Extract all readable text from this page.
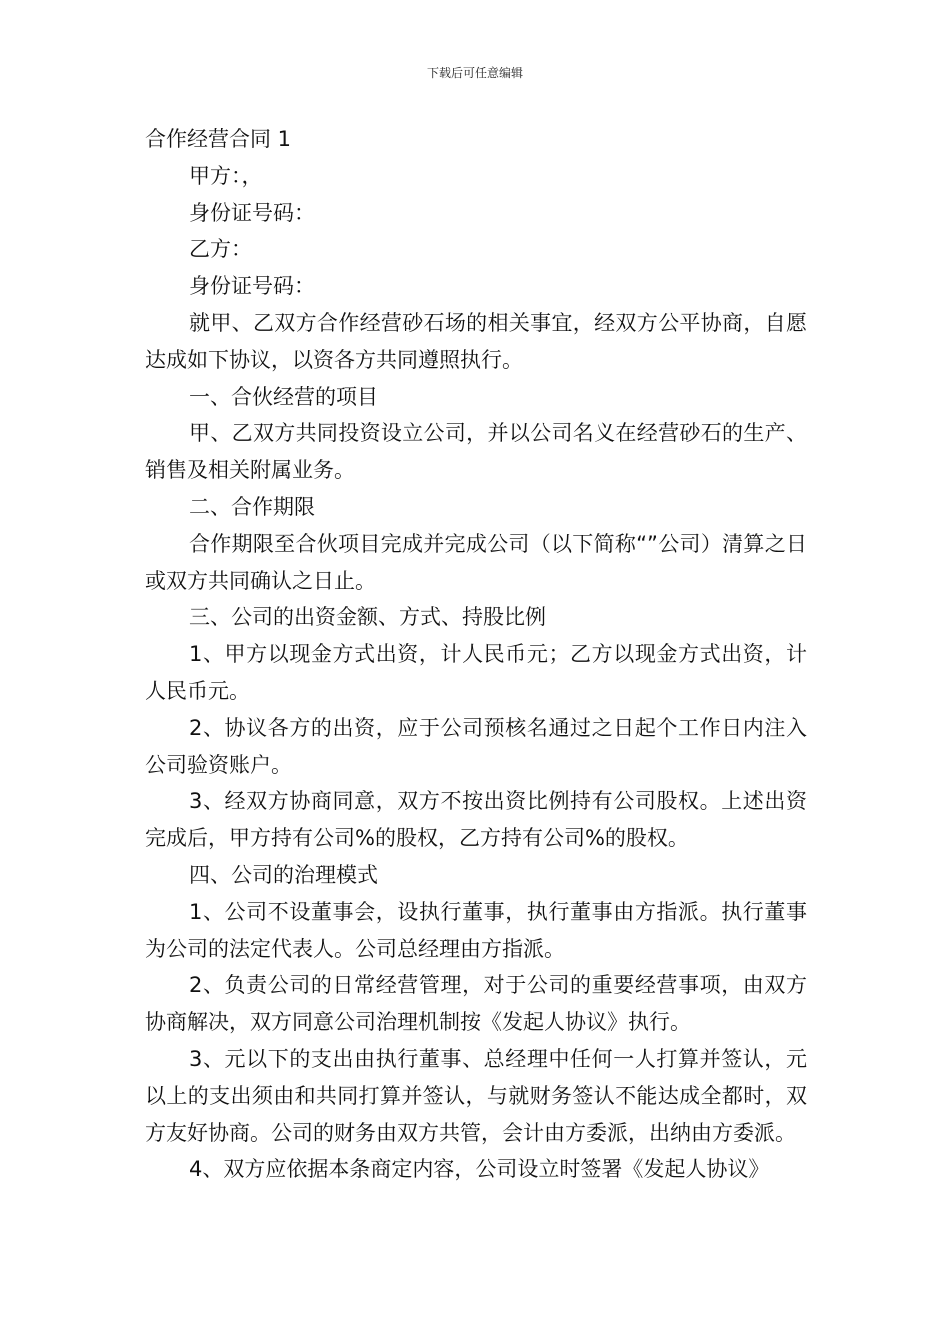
下载后可任意编辑

合作经营合同 1

甲方：，

身份证号码：

乙方：

身份证号码：

就甲、乙双方合作经营砂石场的相关事宜，经双方公平协商，自愿达成如下协议，以资各方共同遵照执行。

一、合伙经营的项目

甲、乙双方共同投资设立公司，并以公司名义在经营砂石的生产、销售及相关附属业务。

二、合作期限

合作期限至合伙项目完成并完成公司（以下简称“”公司）清算之日或双方共同确认之日止。

三、公司的出资金额、方式、持股比例

1、甲方以现金方式出资，计人民币元；乙方以现金方式出资，计人民币元。

2、协议各方的出资，应于公司预核名通过之日起个工作日内注入公司验资账户。

3、经双方协商同意，双方不按出资比例持有公司股权。上述出资完成后，甲方持有公司%的股权，乙方持有公司%的股权。

四、公司的治理模式

1、公司不设董事会，设执行董事，执行董事由方指派。执行董事为公司的法定代表人。公司总经理由方指派。

2、负责公司的日常经营管理，对于公司的重要经营事项，由双方协商解决，双方同意公司治理机制按《发起人协议》执行。

3、元以下的支出由执行董事、总经理中任何一人打算并签认，元以上的支出须由和共同打算并签认，与就财务签认不能达成全都时，双方友好协商。公司的财务由双方共管，会计由方委派，出纳由方委派。

4、双方应依据本条商定内容，公司设立时签署《发起人协议》
